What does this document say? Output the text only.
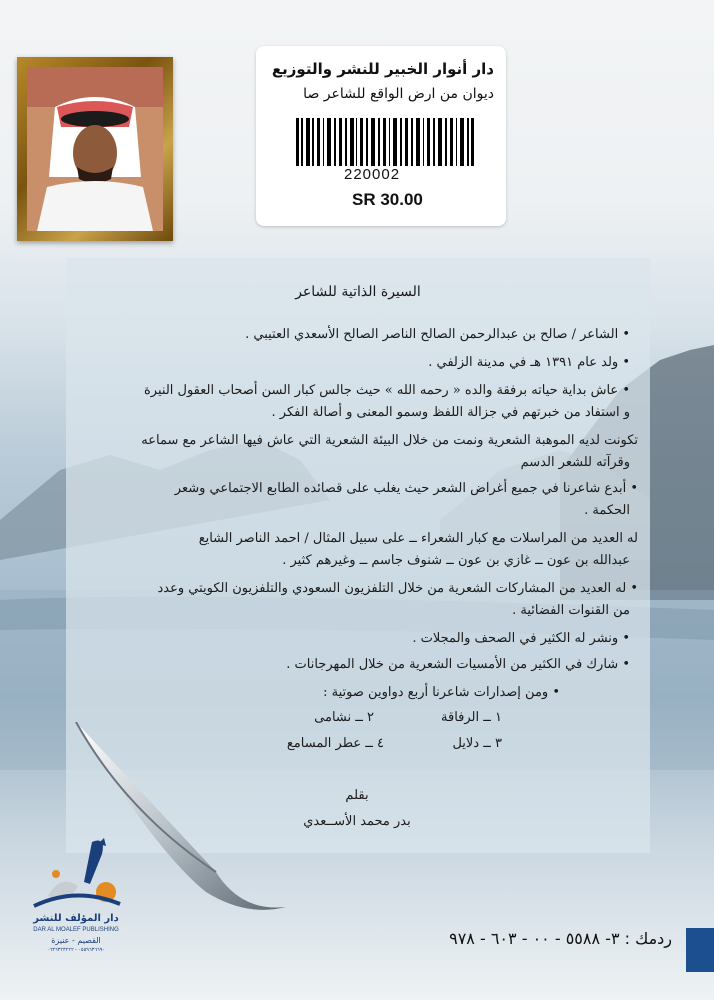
دار أنوار الخبير للنشر والتوزيع
ديوان من ارض الواقع للشاعر صا
220002
SR 30.00
السيرة الذاتية للشاعر
• الشاعر / صالح بن عبدالرحمن الصالح الناصر الصالح الأسعدي العتيبي .
• ولد عام ١٣٩١ هـ في مدينة الزلفي .
• عاش بداية حياته برفقة والده « رحمه الله » حيث جالس كبار السن أصحاب العقول النيرة
و استفاد من خبرتهم في جزالة اللفظ وسمو المعنى و أصالة الفكر .
تكونت لديه الموهبة الشعرية ونمت من خلال البيئة الشعرية التي عاش فيها الشاعر مع سماعه
وقرآته للشعر الدسم
• أبدع شاعرنا في جميع أغراض الشعر حيث يغلب على قصائده الطابع الاجتماعي وشعر
الحكمة .
له العديد من المراسلات مع كبار الشعراء ــ على سبيل المثال / احمد الناصر الشايع
عبدالله بن عون ــ غازي بن عون ــ شنوف جاسم ــ وغيرهم كثير .
• له العديد من المشاركات الشعرية من خلال التلفزيون السعودي والتلفزيون الكويتي وعدد
من القنوات الفضائية .
• ونشر له الكثير في الصحف والمجلات .
• شارك في الكثير من الأمسيات الشعرية من خلال المهرجانات .
• ومن إصدارات شاعرنا أربع دواوين صوتية :
١ ــ الرفاقة
٢ ــ نشامى
٣ ــ دلايل
٤ ــ عطر المسامع
بقلم
بدر محمد الأســعدي
دار المؤلف للنشر
DAR AL MOALEF PUBLISHING
القصيم - عنيزة
٠٥٥٩٦٣٦٦٩٠ - ٠٦٣٦٣٢٣٢٢٢
ردمك : ٣- ٥٥٨٨ - ٠٠ - ٦٠٣ - ٩٧٨
